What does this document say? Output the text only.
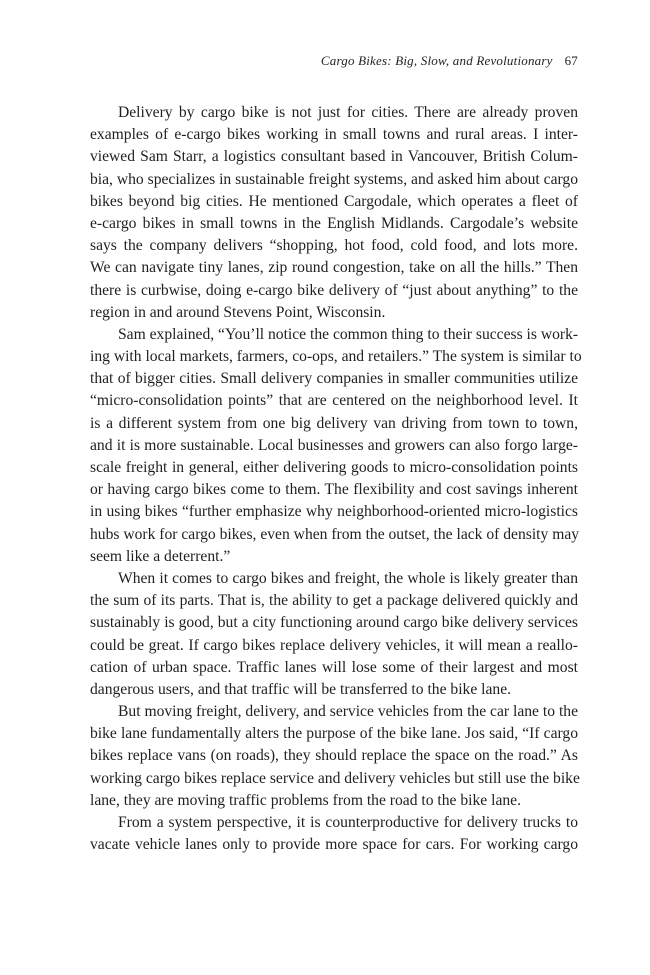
Cargo Bikes: Big, Slow, and Revolutionary 67
Delivery by cargo bike is not just for cities. There are already proven
examples of e-cargo bikes working in small towns and rural areas. I inter-
viewed Sam Starr, a logistics consultant based in Vancouver, British Colum-
bia, who specializes in sustainable freight systems, and asked him about cargo
bikes beyond big cities. He mentioned Cargodale, which operates a fleet of
e-cargo bikes in small towns in the English Midlands. Cargodale’s website
says the company delivers “shopping, hot food, cold food, and lots more.
We can navigate tiny lanes, zip round congestion, take on all the hills.” Then
there is curbwise, doing e-cargo bike delivery of “just about anything” to the
region in and around Stevens Point, Wisconsin.
Sam explained, “You’ll notice the common thing to their success is work-
ing with local markets, farmers, co-ops, and retailers.” The system is similar to
that of bigger cities. Small delivery companies in smaller communities utilize
“micro-consolidation points” that are centered on the neighborhood level. It
is a different system from one big delivery van driving from town to town,
and it is more sustainable. Local businesses and growers can also forgo large-
scale freight in general, either delivering goods to micro-consolidation points
or having cargo bikes come to them. The flexibility and cost savings inherent
in using bikes “further emphasize why neighborhood-oriented micro-logistics
hubs work for cargo bikes, even when from the outset, the lack of density may
seem like a deterrent.”
When it comes to cargo bikes and freight, the whole is likely greater than
the sum of its parts. That is, the ability to get a package delivered quickly and
sustainably is good, but a city functioning around cargo bike delivery services
could be great. If cargo bikes replace delivery vehicles, it will mean a reallo-
cation of urban space. Traffic lanes will lose some of their largest and most
dangerous users, and that traffic will be transferred to the bike lane.
But moving freight, delivery, and service vehicles from the car lane to the
bike lane fundamentally alters the purpose of the bike lane. Jos said, “If cargo
bikes replace vans (on roads), they should replace the space on the road.” As
working cargo bikes replace service and delivery vehicles but still use the bike
lane, they are moving traffic problems from the road to the bike lane.
From a system perspective, it is counterproductive for delivery trucks to
vacate vehicle lanes only to provide more space for cars. For working cargo
